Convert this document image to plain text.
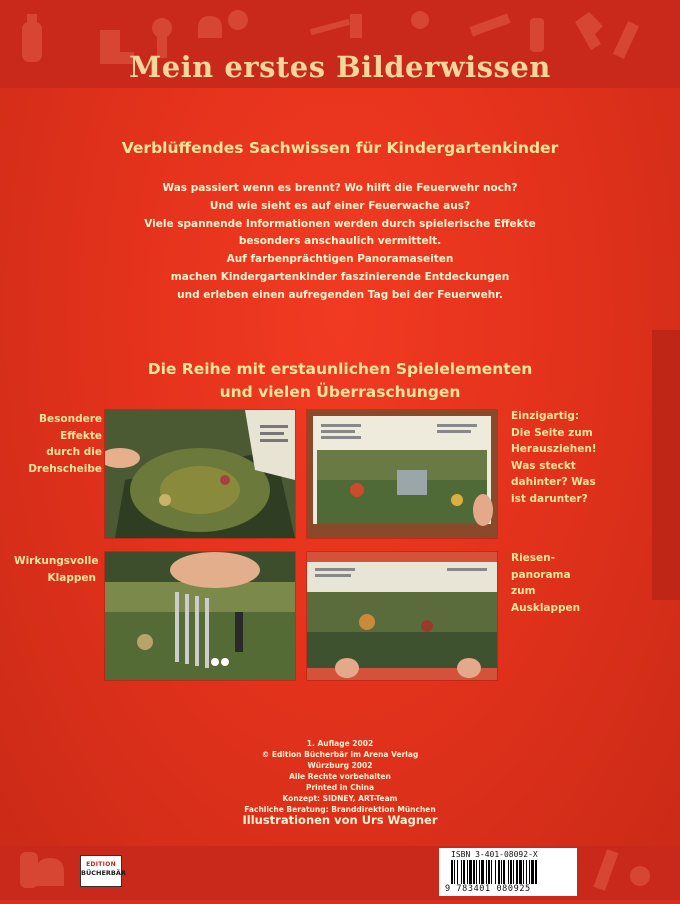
Mein erstes Bilderwissen
Verblüffendes Sachwissen für Kindergartenkinder
Was passiert wenn es brennt? Wo hilft die Feuerwehr noch?
Und wie sieht es auf einer Feuerwache aus?
Viele spannende Informationen werden durch spielerische Effekte
besonders anschaulich vermittelt.
Auf farbenprächtigen Panoramaseiten
machen Kindergartenkinder faszinierende Entdeckungen
und erleben einen aufregenden Tag bei der Feuerwehr.
Die Reihe mit erstaunlichen Spielelementen
und vielen Überraschungen
Besondere
Effekte
durch die
Drehscheibe
Einzigartig:
Die Seite zum
Herausziehen!
Was steckt
dahinter? Was
ist darunter?
Wirkungsvolle
Klappen
Riesen-
panorama
zum
Ausklappen
1. Auflage 2002
© Edition Bücherbär im Arena Verlag
Würzburg 2002
Alle Rechte vorbehalten
Printed in China
Konzept: SIDNEY, ART-Team
Fachliche Beratung: Branddirektion München
Illustrationen von Urs Wagner
EDITION
BÜCHERBÄR
ISBN 3-401-08092-X
9 783401 080925
